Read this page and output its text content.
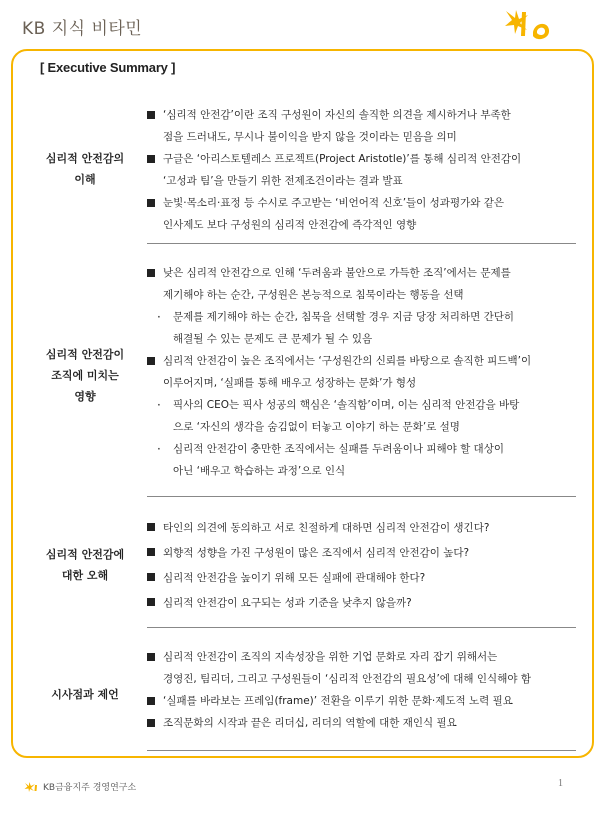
KB 지식 비타민
[ Executive Summary ]
심리적 안전감의
이해
‘심리적 안전감’이란 조직 구성원이 자신의 솔직한 의견을 제시하거나 부족한
점을 드러내도, 무시나 불이익을 받지 않을 것이라는 믿음을 의미
구글은 ‘아리스토텔레스 프로젝트(Project Aristotle)’를 통해 심리적 안전감이
‘고성과 팀’을 만들기 위한 전제조건이라는 결과 발표
눈빛·목소리·표정 등 수시로 주고받는 ‘비언어적 신호’들이 성과평가와 같은
인사제도 보다 구성원의 심리적 안전감에 즉각적인 영향
심리적 안전감이
조직에 미치는
영향
낮은 심리적 안전감으로 인해 ‘두려움과 불안으로 가득한 조직’에서는 문제를
제기해야 하는 순간, 구성원은 본능적으로 침묵이라는 행동을 선택
· 문제를 제기해야 하는 순간, 침묵을 선택할 경우 지금 당장 처리하면 간단히
해결될 수 있는 문제도 큰 문제가 될 수 있음
심리적 안전감이 높은 조직에서는 ‘구성원간의 신뢰를 바탕으로 솔직한 피드백’이
이루어지며, ‘실패를 통해 배우고 성장하는 문화’가 형성
· 픽사의 CEO는 픽사 성공의 핵심은 ‘솔직함’이며, 이는 심리적 안전감을 바탕
으로 ‘자신의 생각을 숨김없이 터놓고 이야기 하는 문화’로 설명
· 심리적 안전감이 충만한 조직에서는 실패를 두려움이나 피해야 할 대상이
아닌 ‘배우고 학습하는 과정’으로 인식
심리적 안전감에
대한 오해
타인의 의견에 동의하고 서로 친절하게 대하면 심리적 안전감이 생긴다?
외향적 성향을 가진 구성원이 많은 조직에서 심리적 안전감이 높다?
심리적 안전감을 높이기 위해 모든 실패에 관대해야 한다?
심리적 안전감이 요구되는 성과 기준을 낮추지 않을까?
시사점과 제언
심리적 안전감이 조직의 지속성장을 위한 기업 문화로 자리 잡기 위해서는
경영진, 팀리더, 그리고 구성원들이 ‘심리적 안전감의 필요성’에 대해 인식해야 함
‘실패를 바라보는 프레임(frame)’ 전환을 이루기 위한 문화·제도적 노력 필요
조직문화의 시작과 끝은 리더십, 리더의 역할에 대한 재인식 필요
KB금융지주 경영연구소	1
